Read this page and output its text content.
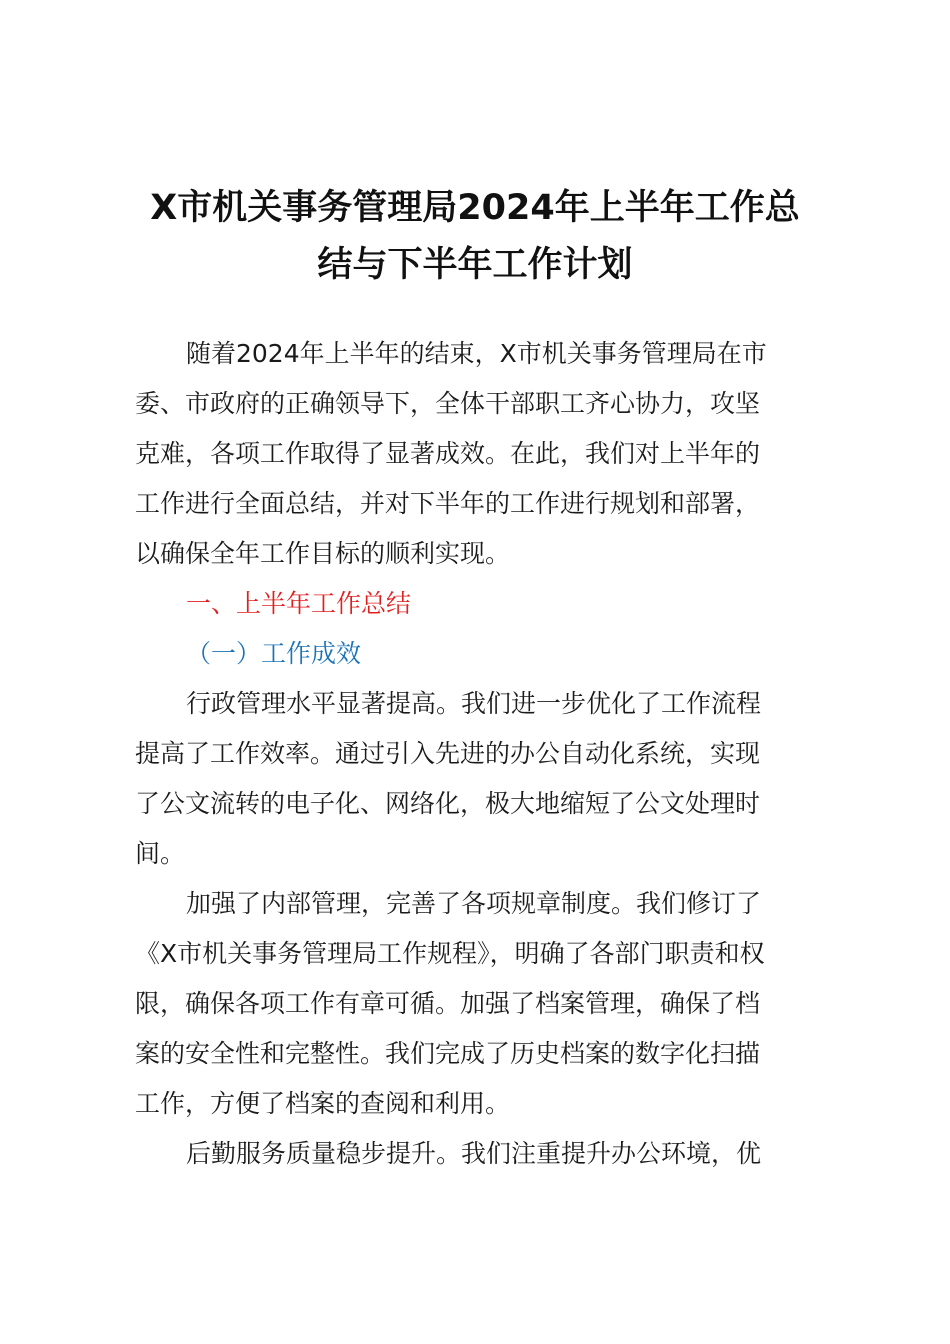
X市机关事务管理局2024年上半年工作总
结与下半年工作计划

随着2024年上半年的结束，X市机关事务管理局在市

委、市政府的正确领导下，全体干部职工齐心协力，攻坚

克难，各项工作取得了显著成效。在此，我们对上半年的

工作进行全面总结，并对下半年的工作进行规划和部署，

以确保全年工作目标的顺利实现。

一、上半年工作总结

（一）工作成效

行政管理水平显著提高。我们进一步优化了工作流程

提高了工作效率。通过引入先进的办公自动化系统，实现

了公文流转的电子化、网络化，极大地缩短了公文处理时

间。

加强了内部管理，完善了各项规章制度。我们修订了

《X市机关事务管理局工作规程》，明确了各部门职责和权

限，确保各项工作有章可循。加强了档案管理，确保了档

案的安全性和完整性。我们完成了历史档案的数字化扫描

工作，方便了档案的查阅和利用。

后勤服务质量稳步提升。我们注重提升办公环境，优
